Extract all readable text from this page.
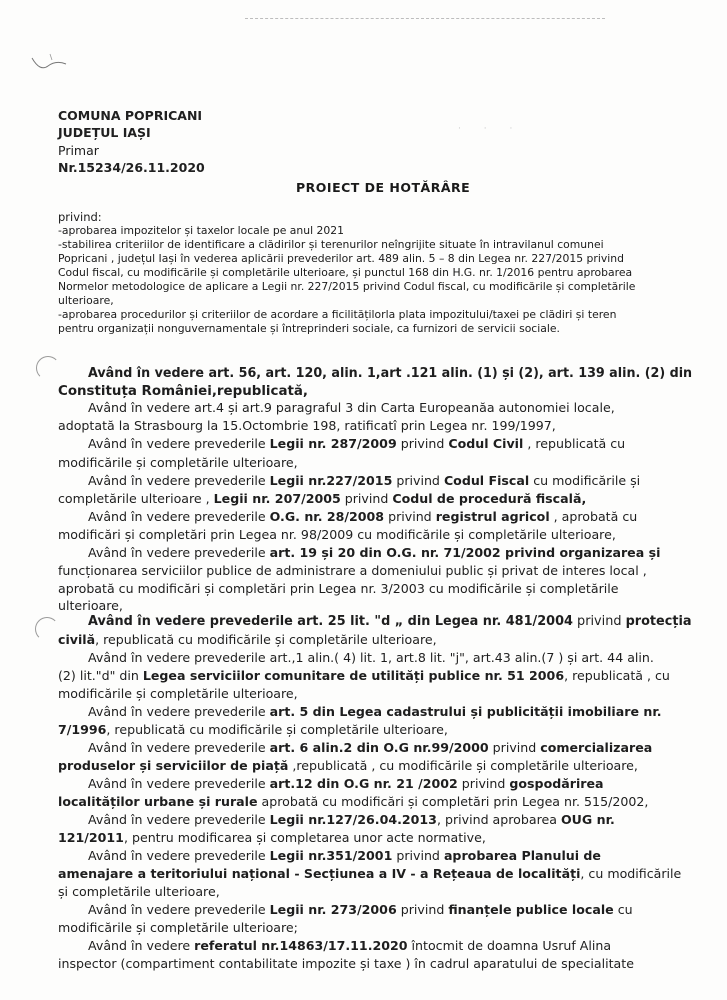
· · ·
COMUNA POPRICANI
JUDEȚUL IAȘI
Primar
Nr.15234/26.11.2020
PROIECT DE HOTĂRÂRE
privind:
-aprobarea impozitelor și taxelor locale pe anul 2021
-stabilirea criteriilor de identificare a clădirilor și terenurilor neîngrijite situate în intravilanul comunei
Popricani , județul Iași în vederea aplicării prevederilor art. 489 alin. 5 – 8 din Legea nr. 227/2015 privind
Codul fiscal, cu modificările și completările ulterioare, și punctul 168 din H.G. nr. 1/2016 pentru aprobarea
Normelor metodologice de aplicare a Legii nr. 227/2015 privind Codul fiscal, cu modificările și completările
ulterioare,
-aprobarea procedurilor și criteriilor de acordare a ficilitățilorla plata impozitului/taxei pe clădiri și teren
pentru organizații nonguvernamentale și întreprinderi sociale, ca furnizori de servicii sociale.
Având în vedere art. 56, art. 120, alin. 1,art .121 alin. (1) și (2), art. 139 alin. (2) din
Constituța României,republicată,
Având în vedere art.4 și art.9 paragraful 3 din Carta Europeanăa autonomiei locale,
adoptată la Strasbourg la 15.Octombrie 198, ratificatî prin Legea nr. 199/1997,
Având în vedere prevederile Legii nr. 287/2009 privind Codul Civil , republicată cu
modificările și completările ulterioare,
Având în vedere prevederile Legii nr.227/2015 privind Codul Fiscal cu modificările și
completările ulterioare , Legii nr. 207/2005 privind Codul de procedură fiscală,
Având în vedere prevederile O.G. nr. 28/2008 privind registrul agricol , aprobată cu
modificări și completări prin Legea nr. 98/2009 cu modificările și completările ulterioare,
Având în vedere prevederile art. 19 și 20 din O.G. nr. 71/2002 privind organizarea și
funcționarea serviciilor publice de administrare a domeniului public și privat de interes local ,
aprobată cu modificări și completări prin Legea nr. 3/2003 cu modificările și completările
ulterioare,
Având în vedere prevederile art. 25 lit. "d „ din Legea nr. 481/2004 privind protecția
civilă, republicată cu modificările și completările ulterioare,
Având în vedere prevederile art.,1 alin.( 4) lit. 1, art.8 lit. "j", art.43 alin.(7 ) și art. 44 alin.
(2) lit."d" din Legea serviciilor comunitare de utilități publice nr. 51 2006, republicată , cu
modificările și completările ulterioare,
Având în vedere prevederile art. 5 din Legea cadastrului și publicității imobiliare nr.
7/1996, republicată cu modificările și completările ulterioare,
Având în vedere prevederile art. 6 alin.2 din O.G nr.99/2000 privind comercializarea
produselor și serviciilor de piață ,republicată , cu modificările și completările ulterioare,
Având în vedere prevederile art.12 din O.G nr. 21 /2002 privind gospodărirea
localităților urbane și rurale aprobată cu modificări și completări prin Legea nr. 515/2002,
Având în vedere prevederile Legii nr.127/26.04.2013, privind aprobarea OUG nr.
121/2011, pentru modificarea și completarea unor acte normative,
Având în vedere prevederile Legii nr.351/2001 privind aprobarea Planului de
amenajare a teritoriului național - Secțiunea a IV - a Rețeaua de localități, cu modificările
și completările ulterioare,
Având în vedere prevederile Legii nr. 273/2006 privind finanțele publice locale cu
modificările și completările ulterioare;
Având în vedere referatul nr.14863/17.11.2020 întocmit de doamna Usruf Alina
inspector (compartiment contabilitate impozite și taxe ) în cadrul aparatului de specialitate
